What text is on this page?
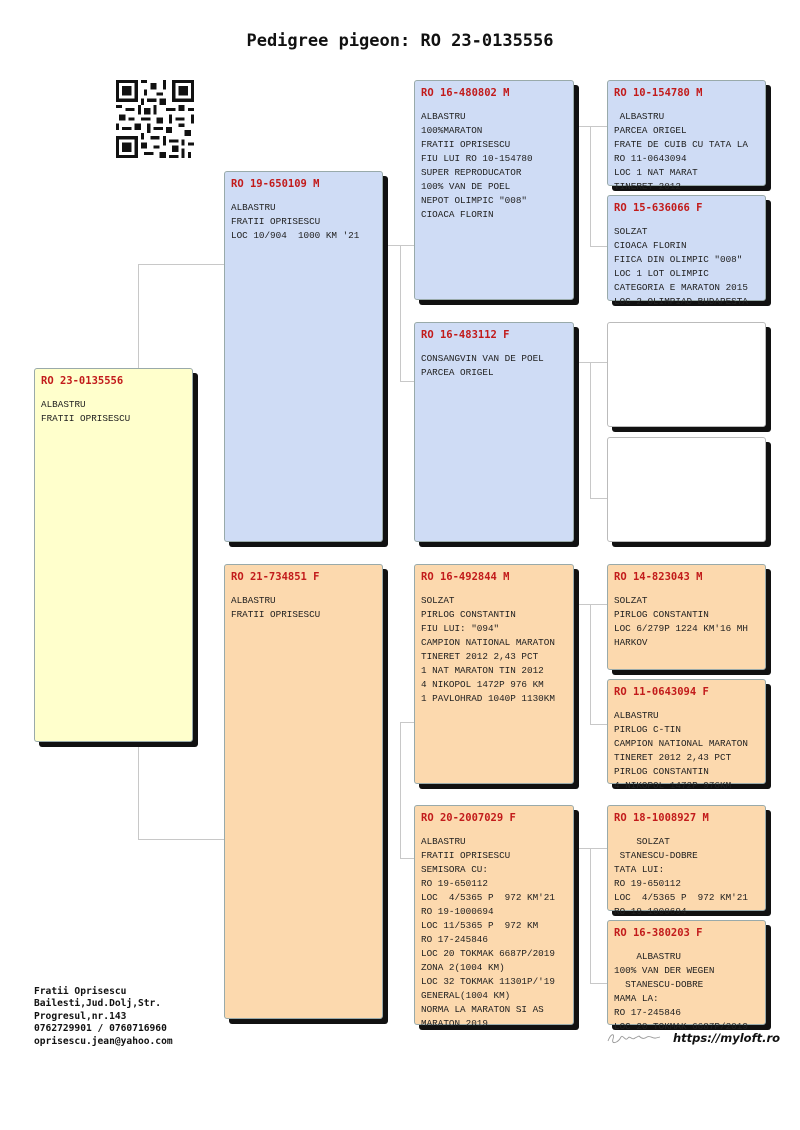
Pedigree pigeon: RO 23-0135556
RO 23-0135556
ALBASTRU
FRATII OPRISESCU
RO 19-650109 M
ALBASTRU
FRATII OPRISESCU
LOC 10/904  1000 KM '21
RO 21-734851 F
ALBASTRU
FRATII OPRISESCU
RO 16-480802 M
ALBASTRU
100%MARATON
FRATII OPRISESCU
FIU LUI RO 10-154780
SUPER REPRODUCATOR
100% VAN DE POEL
NEPOT OLIMPIC "008"
CIOACA FLORIN
RO 16-483112 F
CONSANGVIN VAN DE POEL
PARCEA ORIGEL
RO 16-492844 M
SOLZAT
PIRLOG CONSTANTIN
FIU LUI: "094"
CAMPION NATIONAL MARATON
TINERET 2012 2,43 PCT
1 NAT MARATON TIN 2012
4 NIKOPOL 1472P 976 KM
1 PAVLOHRAD 1040P 1130KM
RO 20-2007029 F
ALBASTRU
FRATII OPRISESCU
SEMISORA CU:
RO 19-650112
LOC  4/5365 P  972 KM'21
RO 19-1000694
LOC 11/5365 P  972 KM
RO 17-245846
LOC 20 TOKMAK 6687P/2019
ZONA 2(1004 KM)
LOC 32 TOKMAK 11301P/'19
GENERAL(1004 KM)
NORMA LA MARATON SI AS
MARATON 2019
RO 10-154780 M
ALBASTRU
PARCEA ORIGEL
FRATE DE CUIB CU TATA LA
RO 11-0643094
LOC 1 NAT MARAT
TINERET 2012
RO 15-636066 F
SOLZAT
CIOACA FLORIN
FIICA DIN OLIMPIC "008"
LOC 1 LOT OLIMPIC
CATEGORIA E MARATON 2015
LOC 2 OLIMPIAD BUDAPESTA
RO 14-823043 M
SOLZAT
PIRLOG CONSTANTIN
LOC 6/279P 1224 KM'16 MH
HARKOV
RO 11-0643094 F
ALBASTRU
PIRLOG C-TIN
CAMPION NATIONAL MARATON
TINERET 2012 2,43 PCT
PIRLOG CONSTANTIN
4 NIKOPOL 1472P 976KM
RO 18-1008927 M
SOLZAT
STANESCU-DOBRE
TATA LUI:
RO 19-650112
LOC  4/5365 P  972 KM'21
RO 19-1000694
RO 16-380203 F
ALBASTRU
100% VAN DER WEGEN
STANESCU-DOBRE
MAMA LA:
RO 17-245846
LOC 20 TOKMAK 6687P/2019
Fratii Oprisescu
Bailesti,Jud.Dolj,Str.
Progresul,nr.143
0762729901 / 0760716960
oprisescu.jean@yahoo.com	https://myloft.ro
